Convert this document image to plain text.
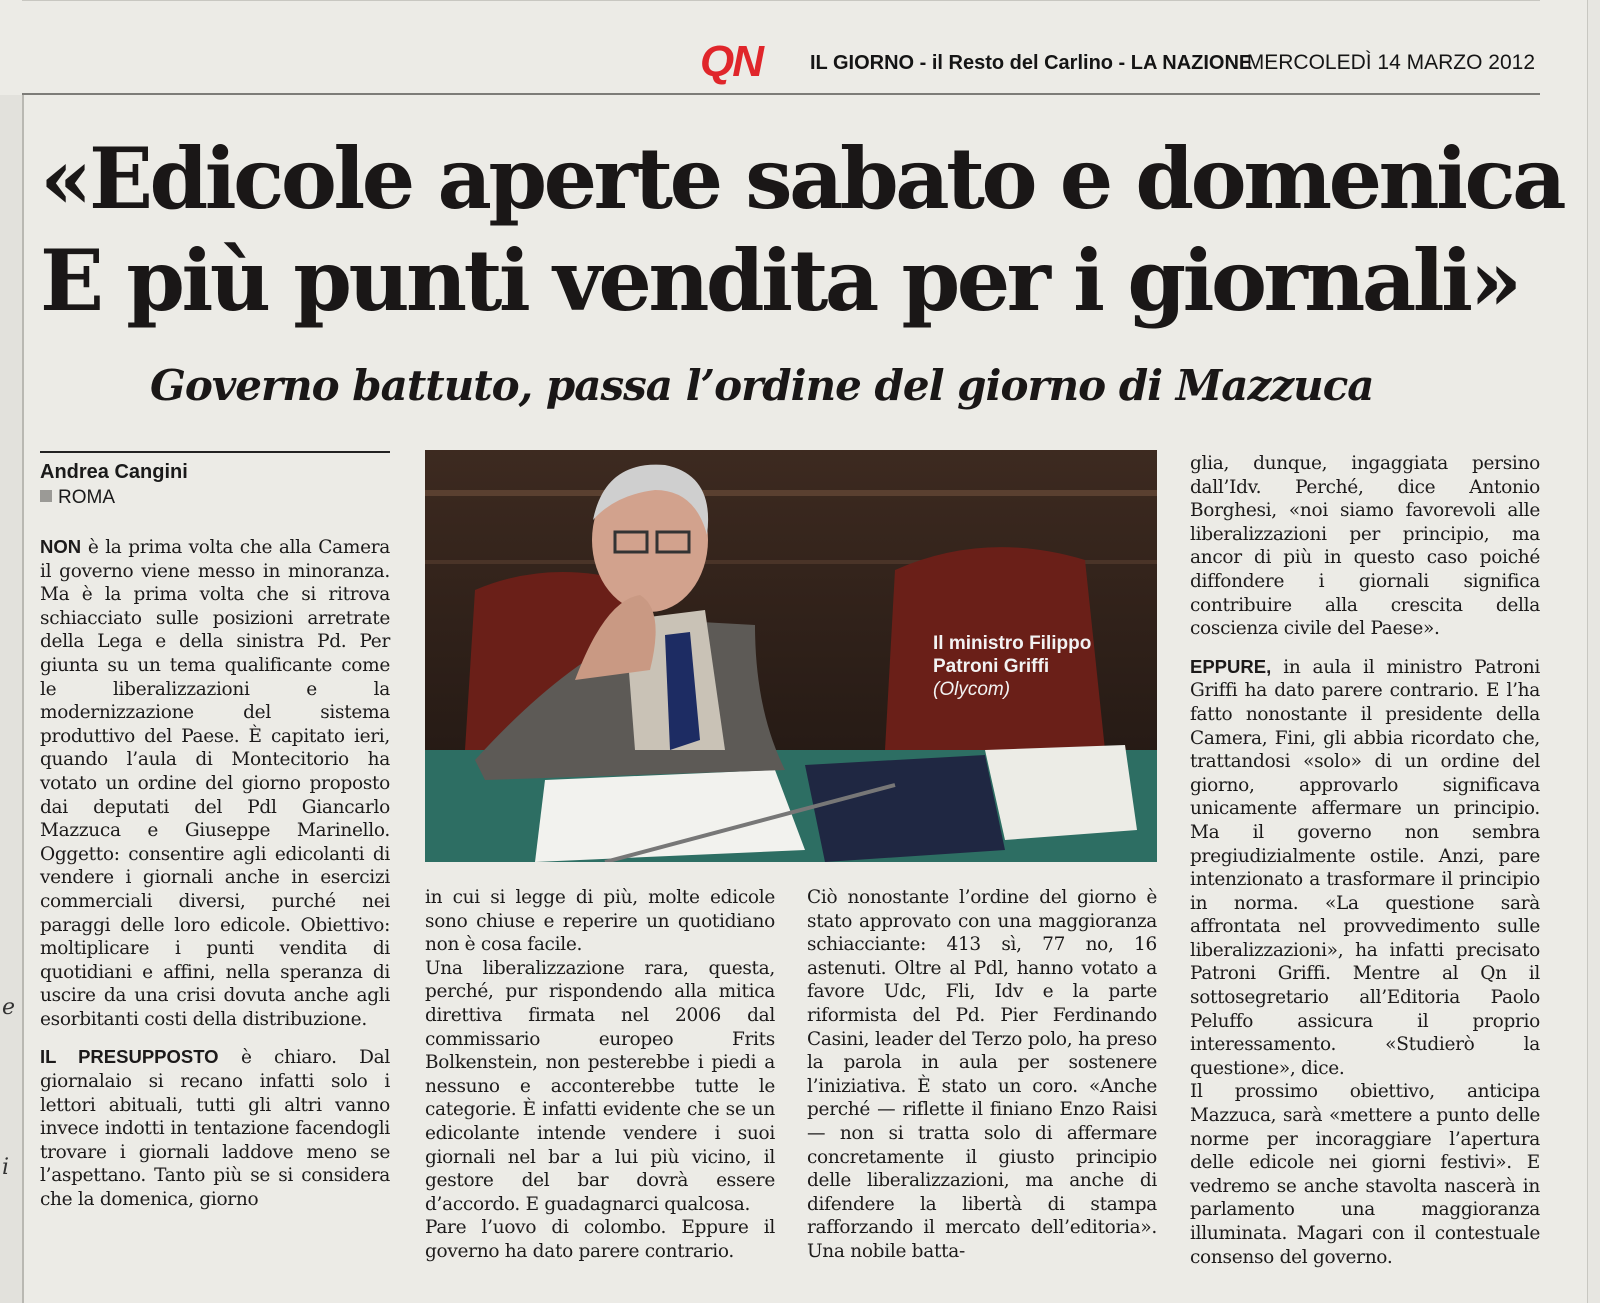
e
i
QN IL GIORNO - il Resto del Carlino - LA NAZIONE
MERCOLEDÌ 14 MARZO 2012
«Edicole aperte sabato e domenica
E più punti vendita per i giornali»
Governo battuto, passa l’ordine del giorno di Mazzuca
Andrea Cangini
ROMA

NON è la prima volta che alla Camera il governo viene messo in minoranza. Ma è la prima volta che si ritrova schiacciato sulle posizioni arretrate della Lega e della sinistra Pd. Per giunta su un tema qualificante come le liberalizzazioni e la modernizzazione del sistema produttivo del Paese. È capitato ieri, quando l’aula di Montecitorio ha votato un ordine del giorno proposto dai deputati del Pdl Giancarlo Mazzuca e Giuseppe Marinello. Oggetto: consentire agli edicolanti di vendere i giornali anche in esercizi commerciali diversi, purché nei paraggi delle loro edicole. Obiettivo: moltiplicare i punti vendita di quotidiani e affini, nella speranza di uscire da una crisi dovuta anche agli esorbitanti costi della distribuzione.

IL PRESUPPOSTO è chiaro. Dal giornalaio si recano infatti solo i lettori abituali, tutti gli altri vanno invece indotti in tentazione facendogli trovare i giornali laddove meno se l’aspettano. Tanto più se si considera che la domenica, giorno

Il ministro Filippo Patroni Griffi
(Olycom)

in cui si legge di più, molte edicole sono chiuse e reperire un quotidiano non è cosa facile.

Una liberalizzazione rara, questa, perché, pur rispondendo alla mitica direttiva firmata nel 2006 dal commissario europeo Frits Bolkenstein, non pesterebbe i piedi a nessuno e acconterebbe tutte le categorie. È infatti evidente che se un edicolante intende vendere i suoi giornali nel bar a lui più vicino, il gestore del bar dovrà essere d’accordo. E guadagnarci qualcosa.

Pare l’uovo di colombo. Eppure il governo ha dato parere contrario.

Ciò nonostante l’ordine del giorno è stato approvato con una maggioranza schiacciante: 413 sì, 77 no, 16 astenuti. Oltre al Pdl, hanno votato a favore Udc, Fli, Idv e la parte riformista del Pd. Pier Ferdinando Casini, leader del Terzo polo, ha preso la parola in aula per sostenere l’iniziativa. È stato un coro. «Anche perché — riflette il finiano Enzo Raisi — non si tratta solo di affermare concretamente il giusto principio delle liberalizzazioni, ma anche di difendere la libertà di stampa rafforzando il mercato dell’editoria». Una nobile batta-

glia, dunque, ingaggiata persino dall’Idv. Perché, dice Antonio Borghesi, «noi siamo favorevoli alle liberalizzazioni per principio, ma ancor di più in questo caso poiché diffondere i giornali significa contribuire alla crescita della coscienza civile del Paese».

EPPURE, in aula il ministro Patroni Griffi ha dato parere contrario. E l’ha fatto nonostante il presidente della Camera, Fini, gli abbia ricordato che, trattandosi «solo» di un ordine del giorno, approvarlo significava unicamente affermare un principio. Ma il governo non sembra pregiudizialmente ostile. Anzi, pare intenzionato a trasformare il principio in norma. «La questione sarà affrontata nel provvedimento sulle liberalizzazioni», ha infatti precisato Patroni Griffi. Mentre al Qn il sottosegretario all’Editoria Paolo Peluffo assicura il proprio interessamento. «Studierò la questione», dice.

Il prossimo obiettivo, anticipa Mazzuca, sarà «mettere a punto delle norme per incoraggiare l’apertura delle edicole nei giorni festivi». E vedremo se anche stavolta nascerà in parlamento una maggioranza illuminata. Magari con il contestuale consenso del governo.
